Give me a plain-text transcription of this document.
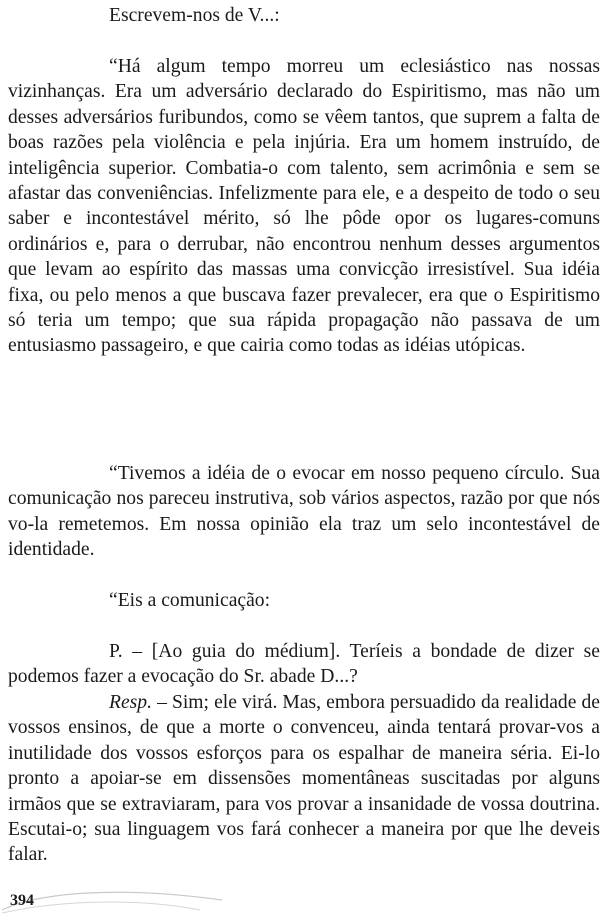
Escrevem-nos de V...:

“Há algum tempo morreu um eclesiástico nas nossas vizinhanças. Era um adversário declarado do Espiritismo, mas não um desses adversários furibundos, como se vêem tantos, que suprem a falta de boas razões pela violência e pela injúria. Era um homem instruído, de inteligência superior. Combatia-o com talento, sem acrimônia e sem se afastar das conveniências. Infelizmente para ele, e a despeito de todo o seu saber e incontestável mérito, só lhe pôde opor os lugares-comuns ordinários e, para o derrubar, não encontrou nenhum desses argumentos que levam ao espírito das massas uma convicção irresistível. Sua idéia fixa, ou pelo menos a que buscava fazer prevalecer, era que o Espiritismo só teria um tempo; que sua rápida propagação não passava de um entusiasmo passageiro, e que cairia como todas as idéias utópicas.

“Tivemos a idéia de o evocar em nosso pequeno círculo. Sua comunicação nos pareceu instrutiva, sob vários aspectos, razão por que nós vo-la remetemos. Em nossa opinião ela traz um selo incontestável de identidade.

“Eis a comunicação:

P. – [Ao guia do médium]. Teríeis a bondade de dizer se podemos fazer a evocação do Sr. abade D...?

Resp. – Sim; ele virá. Mas, embora persuadido da realidade de vossos ensinos, de que a morte o convenceu, ainda tentará provar-vos a inutilidade dos vossos esforços para os espalhar de maneira séria. Ei-lo pronto a apoiar-se em dissensões momentâneas suscitadas por alguns irmãos que se extraviaram, para vos provar a insanidade de vossa doutrina. Escutai-o; sua linguagem vos fará conhecer a maneira por que lhe deveis falar.

394
